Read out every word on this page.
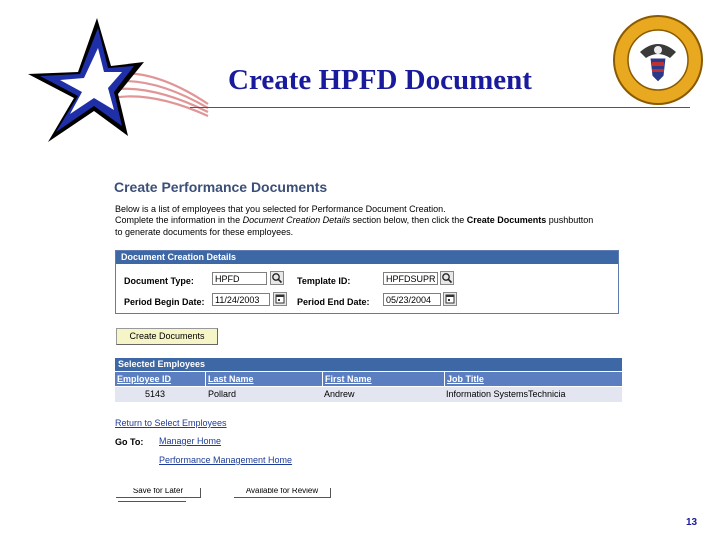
Create HPFD Document
13
Create Performance Documents
Below is a list of employees that you selected for Performance Document Creation.
Complete the information in the Document Creation Details section below, then click the Create Documents pushbutton
to generate documents for these employees.
Document Creation Details
Document Type:	HPFD	Template ID:	HPFDSUPR
Period Begin Date:	11/24/2003	Period End Date:	05/23/2004
Create Documents
Selected Employees
Employee ID	Last Name	First Name	Job Title
5143	Pollard	Andrew	Information SystemsTechnicia
Return to Select Employees
Go To: Manager Home
Performance Management Home
Save for Later	Available for Review
